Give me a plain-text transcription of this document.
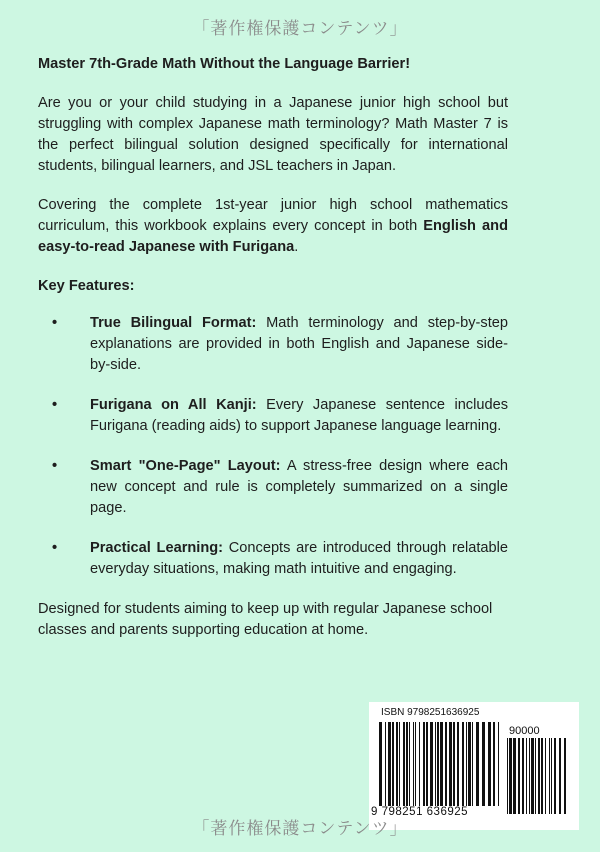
「著作権保護コンテンツ」

Master 7th-Grade Math Without the Language Barrier!

Are you or your child studying in a Japanese junior high school but struggling with complex Japanese math terminology? Math Master 7 is the perfect bilingual solution designed specifically for international students, bilingual learners, and JSL teachers in Japan.

Covering the complete 1st-year junior high school mathematics curriculum, this workbook explains every concept in both English and easy-to-read Japanese with Furigana.

Key Features:

• True Bilingual Format: Math terminology and step-by-step explanations are provided in both English and Japanese side-by-side.
• Furigana on All Kanji: Every Japanese sentence includes Furigana (reading aids) to support Japanese language learning.
• Smart "One-Page" Layout: A stress-free design where each new concept and rule is completely summarized on a single page.
• Practical Learning: Concepts are introduced through relatable everyday situations, making math intuitive and engaging.

Designed for students aiming to keep up with regular Japanese school classes and parents supporting education at home.

ISBN 9798251636925
90000
9 798251 636925
「著作権保護コンテンツ」
